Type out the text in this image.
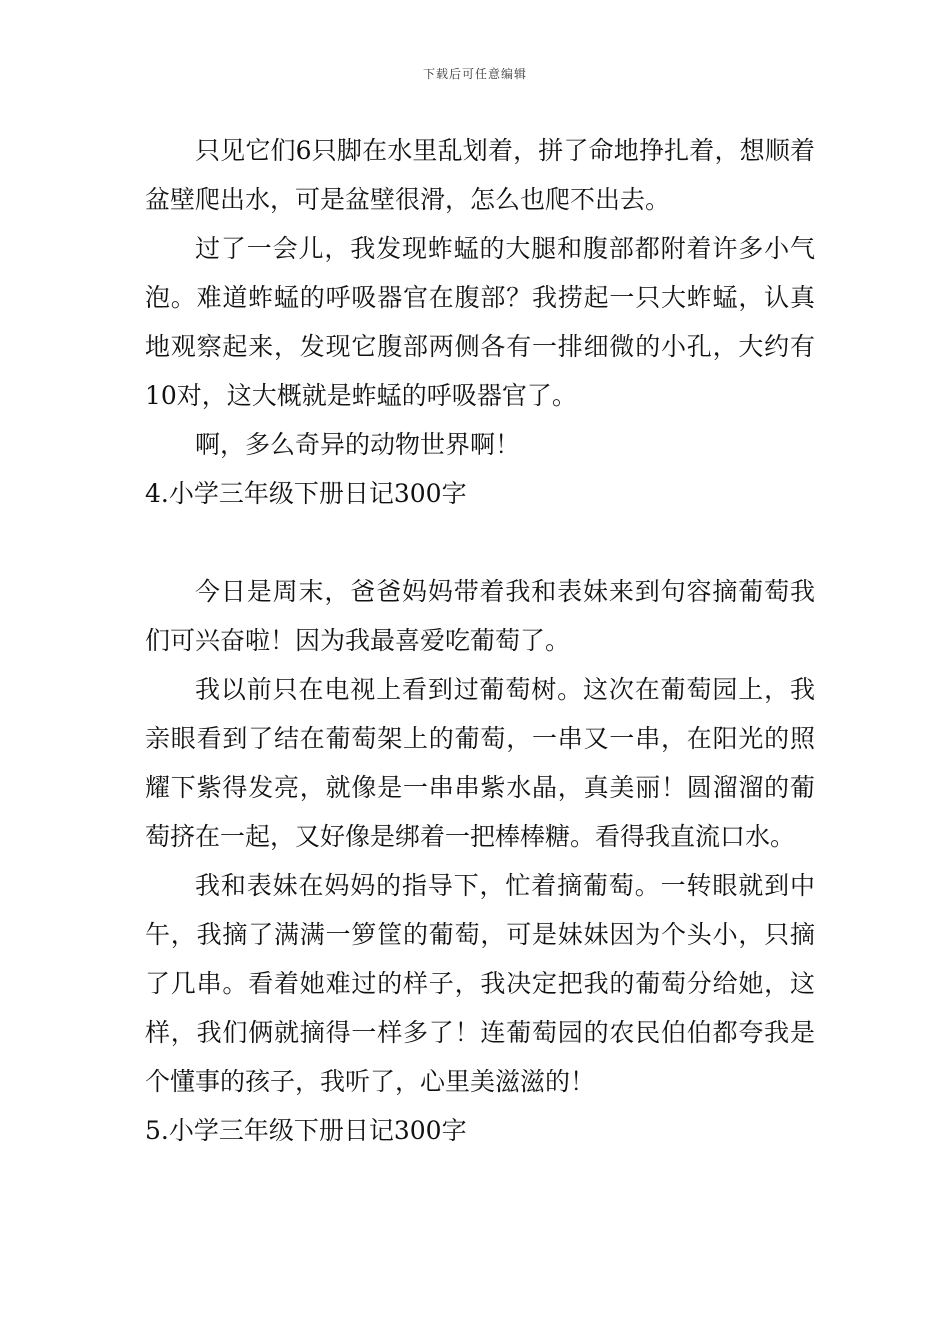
下载后可任意编辑

只见它们6只脚在水里乱划着，拼了命地挣扎着，想顺着盆壁爬出水，可是盆壁很滑，怎么也爬不出去。

过了一会儿，我发现蚱蜢的大腿和腹部都附着许多小气泡。难道蚱蜢的呼吸器官在腹部？我捞起一只大蚱蜢，认真地观察起来，发现它腹部两侧各有一排细微的小孔，大约有10对，这大概就是蚱蜢的呼吸器官了。

啊，多么奇异的动物世界啊！

4.小学三年级下册日记300字

今日是周末，爸爸妈妈带着我和表妹来到句容摘葡萄我们可兴奋啦！因为我最喜爱吃葡萄了。

我以前只在电视上看到过葡萄树。这次在葡萄园上，我亲眼看到了结在葡萄架上的葡萄，一串又一串，在阳光的照耀下紫得发亮，就像是一串串紫水晶，真美丽！圆溜溜的葡萄挤在一起，又好像是绑着一把棒棒糖。看得我直流口水。

我和表妹在妈妈的指导下，忙着摘葡萄。一转眼就到中午，我摘了满满一箩筐的葡萄，可是妹妹因为个头小，只摘了几串。看着她难过的样子，我决定把我的葡萄分给她，这样，我们俩就摘得一样多了！连葡萄园的农民伯伯都夸我是个懂事的孩子，我听了，心里美滋滋的！

5.小学三年级下册日记300字
